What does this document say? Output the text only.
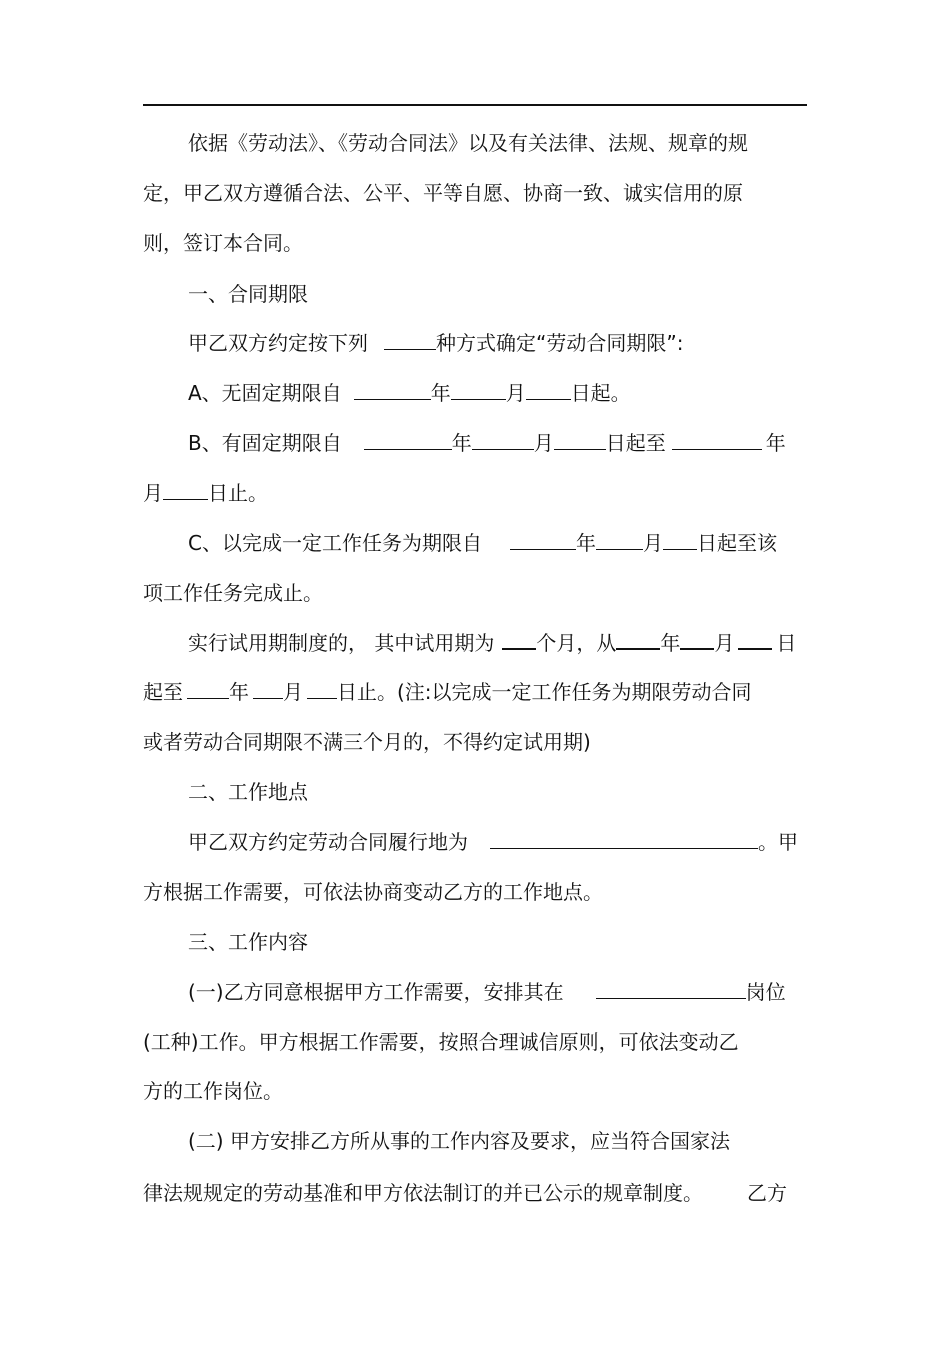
依据《劳动法》、《劳动合同法》以及有关法律、法规、规章的规
定，甲乙双方遵循合法、公平、平等自愿、协商一致、诚实信用的原
则，签订本合同。
一、合同期限
甲乙双方约定按下列	种方式确定“劳动合同期限”:
A、无固定期限自	年	月 日起。
B、有固定期限自	年	月	日起至	年
月 日止。
C、以完成一定工作任务为期限自	年 月 日起至该
项工作任务完成止。
实行试用期制度的， 其中试用期为 个月，从 年 月 日
起至 年 月 日止。(注:以完成一定工作任务为期限劳动合同
或者劳动合同期限不满三个月的，不得约定试用期)
二、工作地点
甲乙双方约定劳动合同履行地为	。甲
方根据工作需要，可依法协商变动乙方的工作地点。
三、工作内容
(一)乙方同意根据甲方工作需要，安排其在	岗位
(工种)工作。甲方根据工作需要，按照合理诚信原则，可依法变动乙
方的工作岗位。
(二) 甲方安排乙方所从事的工作内容及要求，应当符合国家法
律法规规定的劳动基准和甲方依法制订的并已公示的规章制度。 乙方
